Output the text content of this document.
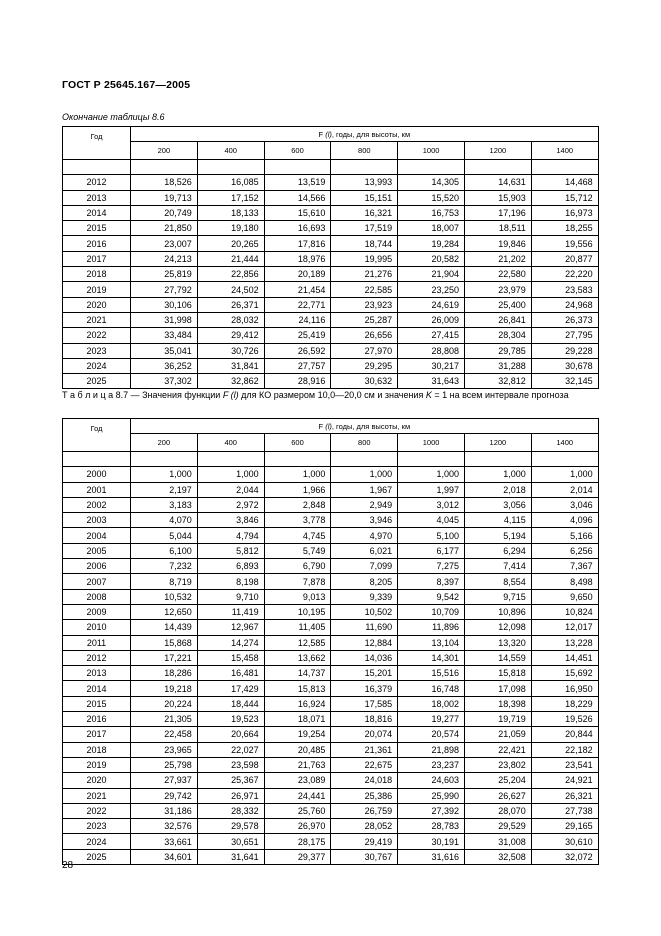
ГОСТ Р 25645.167—2005
Окончание таблицы 8.6
Год	F (l), годы, для высоты, км						
	200	400	600	800	1000	1200	1400

2012	18,526	16,085	13,519	13,993	14,305	14,631	14,468
2013	19,713	17,152	14,566	15,151	15,520	15,903	15,712
2014	20,749	18,133	15,610	16,321	16,753	17,196	16,973
2015	21,850	19,180	16,693	17,519	18,007	18,511	18,255
2016	23,007	20,265	17,816	18,744	19,284	19,846	19,556
2017	24,213	21,444	18,976	19,995	20,582	21,202	20,877
2018	25,819	22,856	20,189	21,276	21,904	22,580	22,220
2019	27,792	24,502	21,454	22,585	23,250	23,979	23,583
2020	30,106	26,371	22,771	23,923	24,619	25,400	24,968
2021	31,998	28,032	24,116	25,287	26,009	26,841	26,373
2022	33,484	29,412	25,419	26,656	27,415	28,304	27,795
2023	35,041	30,726	26,592	27,970	28,808	29,785	29,228
2024	36,252	31,841	27,757	29,295	30,217	31,288	30,678
2025	37,302	32,862	28,916	30,632	31,643	32,812	32,145
Т а б л и ц а 8.7 — Значения функции F (l) для КО размером 10,0—20,0 см и значения K = 1 на всем интервале прогноза
Год	F (l), годы, для высоты, км						
	200	400	600	800	1000	1200	1400

2000	1,000	1,000	1,000	1,000	1,000	1,000	1,000
2001	2,197	2,044	1,966	1,967	1,997	2,018	2,014
2002	3,183	2,972	2,848	2,949	3,012	3,056	3,046
2003	4,070	3,846	3,778	3,946	4,045	4,115	4,096
2004	5,044	4,794	4,745	4,970	5,100	5,194	5,166
2005	6,100	5,812	5,749	6,021	6,177	6,294	6,256
2006	7,232	6,893	6,790	7,099	7,275	7,414	7,367
2007	8,719	8,198	7,878	8,205	8,397	8,554	8,498
2008	10,532	9,710	9,013	9,339	9,542	9,715	9,650
2009	12,650	11,419	10,195	10,502	10,709	10,896	10,824
2010	14,439	12,967	11,405	11,690	11,896	12,098	12,017
2011	15,868	14,274	12,585	12,884	13,104	13,320	13,228
2012	17,221	15,458	13,662	14,036	14,301	14,559	14,451
2013	18,286	16,481	14,737	15,201	15,516	15,818	15,692
2014	19,218	17,429	15,813	16,379	16,748	17,098	16,950
2015	20,224	18,444	16,924	17,585	18,002	18,398	18,229
2016	21,305	19,523	18,071	18,816	19,277	19,719	19,526
2017	22,458	20,664	19,254	20,074	20,574	21,059	20,844
2018	23,965	22,027	20,485	21,361	21,898	22,421	22,182
2019	25,798	23,598	21,763	22,675	23,237	23,802	23,541
2020	27,937	25,367	23,089	24,018	24,603	25,204	24,921
2021	29,742	26,971	24,441	25,386	25,990	26,627	26,321
2022	31,186	28,332	25,760	26,759	27,392	28,070	27,738
2023	32,576	29,578	26,970	28,052	28,783	29,529	29,165
2024	33,661	30,651	28,175	29,419	30,191	31,008	30,610
2025	34,601	31,641	29,377	30,767	31,616	32,508	32,072
28
